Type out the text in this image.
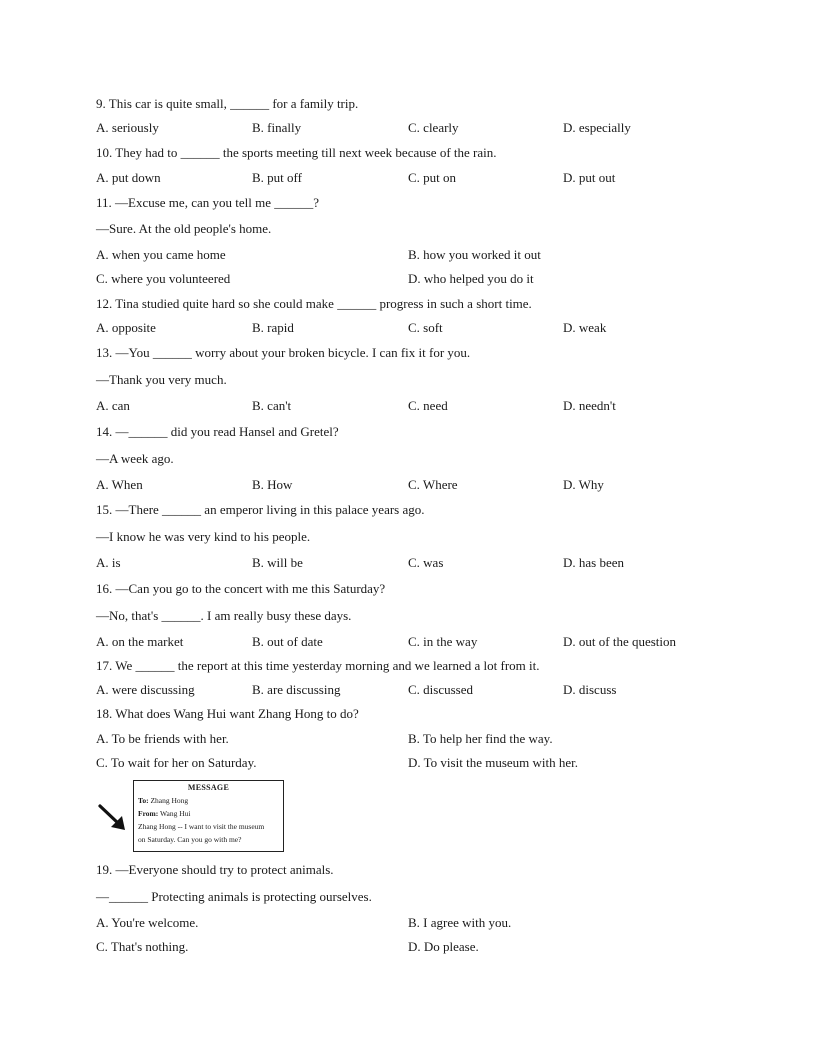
9. This car is quite small, ______ for a family trip.
A. seriously	B. finally	C. clearly	D. especially
10. They had to ______ the sports meeting till next week because of the rain.
A. put down	B. put off	C. put on	D. put out
11. —Excuse me, can you tell me ______?
—Sure. At the old people's home.
A. when you came home	B. how you worked it out
C. where you volunteered	D. who helped you do it
12. Tina studied quite hard so she could make ______ progress in such a short time.
A. opposite	B. rapid	C. soft	D. weak
13. —You ______ worry about your broken bicycle. I can fix it for you.
—Thank you very much.
A. can	B. can't	C. need	D. needn't
14. —______ did you read Hansel and Gretel?
—A week ago.
A. When	B. How	C. Where	D. Why
15. —There ______ an emperor living in this palace years ago.
—I know he was very kind to his people.
A. is	B. will be	C. was	D. has been
16. —Can you go to the concert with me this Saturday?
—No, that's ______. I am really busy these days.
A. on the market	B. out of date	C. in the way	D. out of the question
17. We ______ the report at this time yesterday morning and we learned a lot from it.
A. were discussing	B. are discussing	C. discussed	D. discuss
18. What does Wang Hui want Zhang Hong to do?
A. To be friends with her.	B. To help her find the way.
C. To wait for her on Saturday.	D. To visit the museum with her.
MESSAGE
To: Zhang Hong
From: Wang Hui
Zhang Hong -- I want to visit the museum
on Saturday. Can you go with me?
19. —Everyone should try to protect animals.
—______ Protecting animals is protecting ourselves.
A. You're welcome.	B. I agree with you.
C. That's nothing.	D. Do please.
